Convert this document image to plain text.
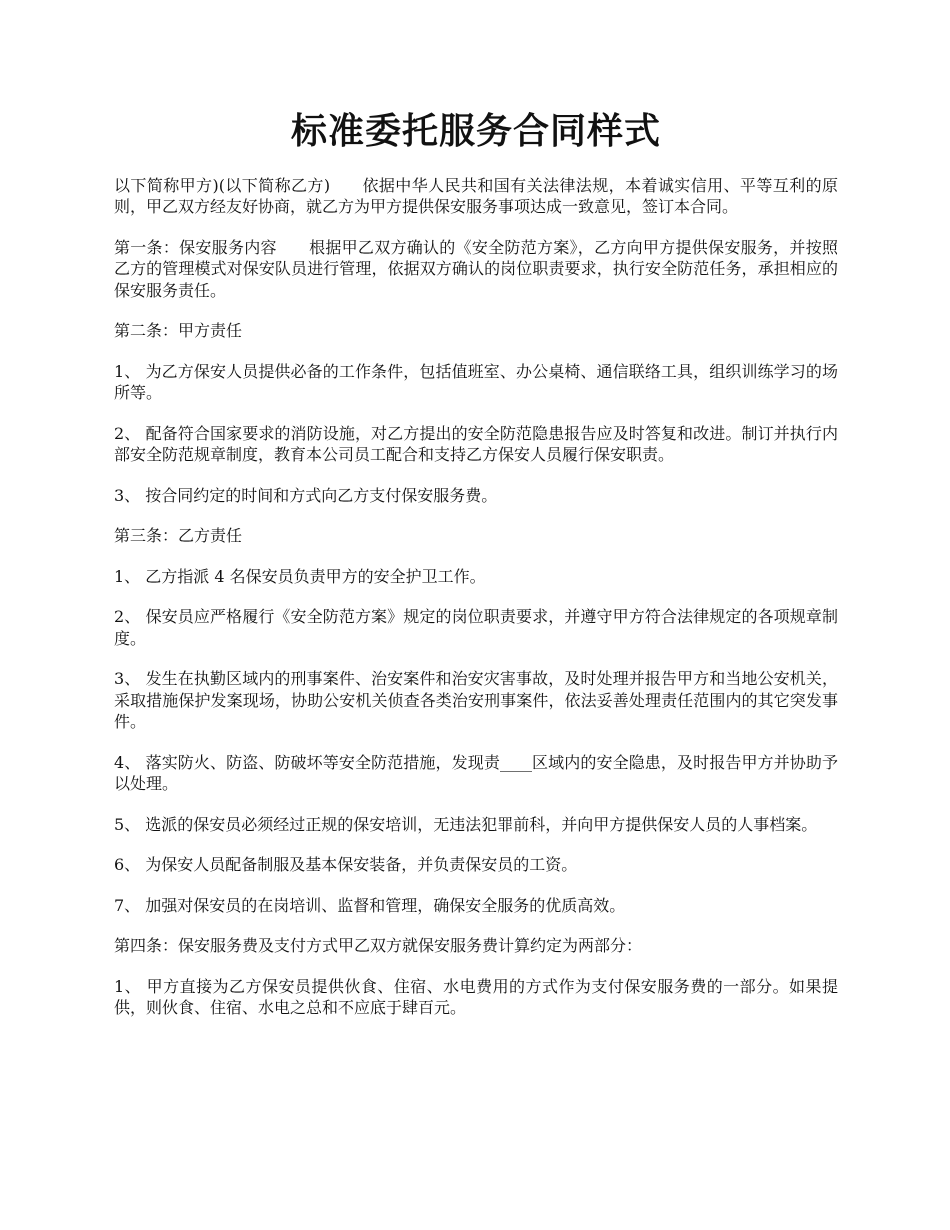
标准委托服务合同样式

以下简称甲方)(以下简称乙方) 依据中华人民共和国有关法律法规，本着诚实信用、平等互利的原则，甲乙双方经友好协商，就乙方为甲方提供保安服务事项达成一致意见，签订本合同。

第一条：保安服务内容 根据甲乙双方确认的《安全防范方案》，乙方向甲方提供保安服务，并按照乙方的管理模式对保安队员进行管理，依据双方确认的岗位职责要求，执行安全防范任务，承担相应的保安服务责任。

第二条：甲方责任

1、 为乙方保安人员提供必备的工作条件，包括值班室、办公桌椅、通信联络工具，组织训练学习的场所等。

2、 配备符合国家要求的消防设施，对乙方提出的安全防范隐患报告应及时答复和改进。制订并执行内部安全防范规章制度，教育本公司员工配合和支持乙方保安人员履行保安职责。

3、 按合同约定的时间和方式向乙方支付保安服务费。

第三条：乙方责任

1、 乙方指派 4 名保安员负责甲方的安全护卫工作。

2、 保安员应严格履行《安全防范方案》规定的岗位职责要求，并遵守甲方符合法律规定的各项规章制度。

3、 发生在执勤区域内的刑事案件、治安案件和治安灾害事故，及时处理并报告甲方和当地公安机关，采取措施保护发案现场，协助公安机关侦查各类治安刑事案件，依法妥善处理责任范围内的其它突发事件。

4、 落实防火、防盗、防破坏等安全防范措施，发现责____区域内的安全隐患，及时报告甲方并协助予以处理。

5、 选派的保安员必须经过正规的保安培训，无违法犯罪前科，并向甲方提供保安人员的人事档案。

6、 为保安人员配备制服及基本保安装备，并负责保安员的工资。

7、 加强对保安员的在岗培训、监督和管理，确保安全服务的优质高效。

第四条：保安服务费及支付方式甲乙双方就保安服务费计算约定为两部分：

1、 甲方直接为乙方保安员提供伙食、住宿、水电费用的方式作为支付保安服务费的一部分。如果提供，则伙食、住宿、水电之总和不应底于肆百元。
